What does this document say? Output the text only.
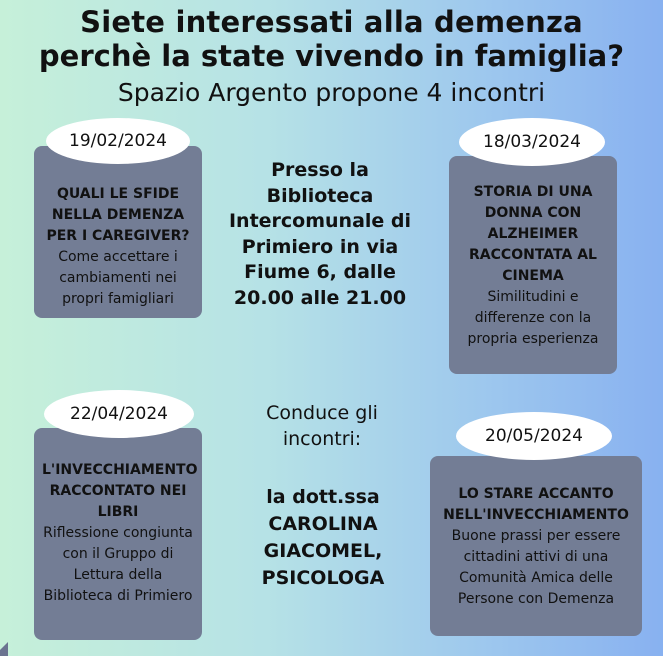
Siete interessati alla demenza
perchè la state vivendo in famiglia?
Spazio Argento propone 4 incontri
19/02/2024
QUALI LE SFIDE NELLA DEMENZA PER I CAREGIVER?
Come accettare i cambiamenti nei propri famigliari
18/03/2024
STORIA DI UNA DONNA CON ALZHEIMER RACCONTATA AL CINEMA
Similitudini e differenze con la propria esperienza
Presso la Biblioteca Intercomunale di Primiero in via Fiume 6, dalle 20.00 alle 21.00
22/04/2024
L'INVECCHIAMENTO RACCONTATO NEI LIBRI
Riflessione congiunta con il Gruppo di Lettura della Biblioteca di Primiero
Conduce gli incontri:
la dott.ssa CAROLINA GIACOMEL, PSICOLOGA
20/05/2024
LO STARE ACCANTO NELL'INVECCHIAMENTO
Buone prassi per essere cittadini attivi di una Comunità Amica delle Persone con Demenza
